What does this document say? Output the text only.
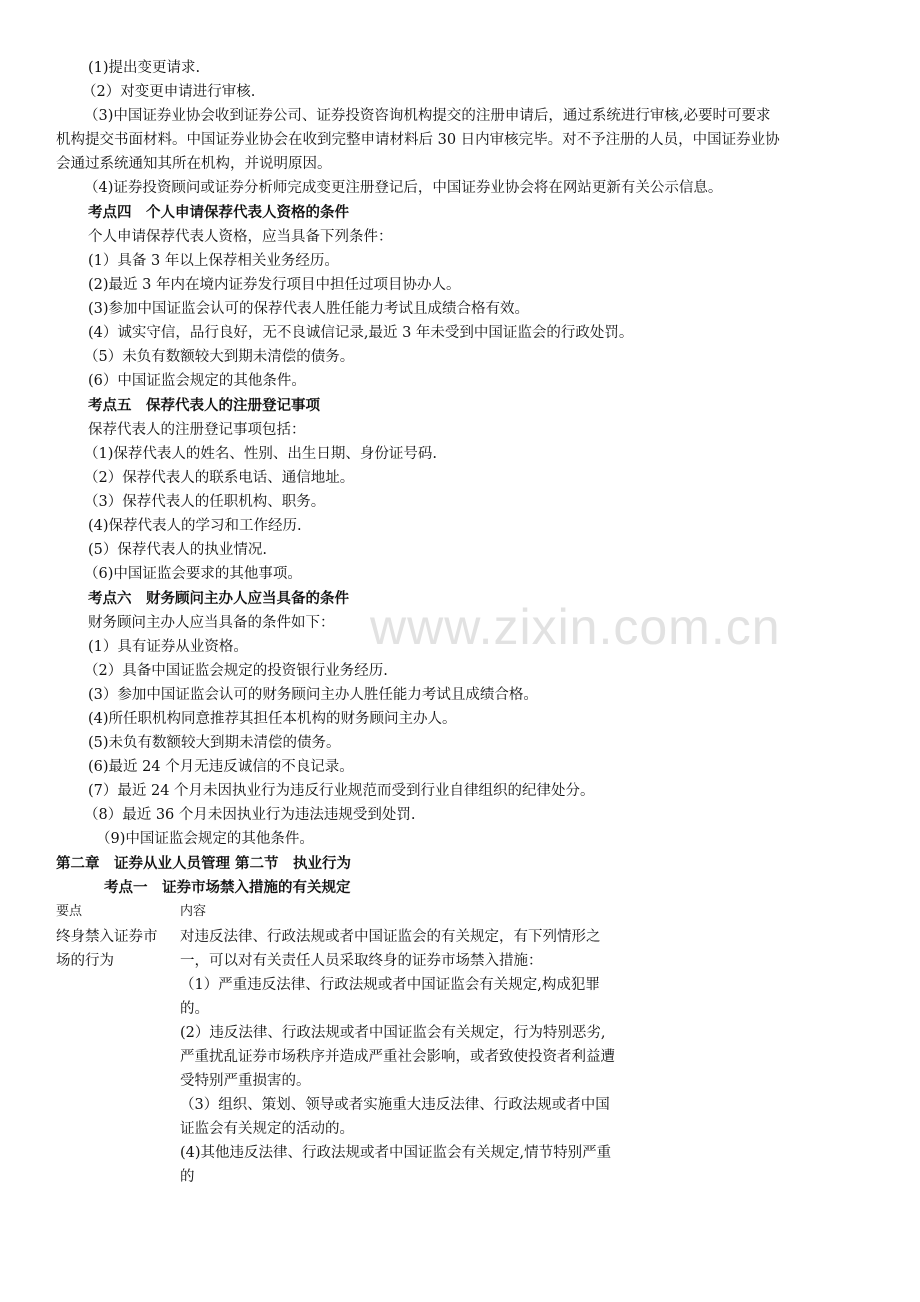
www.zixin.com.cn
(1)提出变更请求.
（2）对变更申请进行审核.
（3)中国证券业协会收到证券公司、证券投资咨询机构提交的注册申请后，通过系统进行审核,必要时可要求
机构提交书面材料。中国证券业协会在收到完整申请材料后 30 日内审核完毕。对不予注册的人员，中国证券业协
会通过系统通知其所在机构，并说明原因。
（4)证券投资顾问或证券分析师完成变更注册登记后，中国证券业协会将在网站更新有关公示信息。
考点四　个人申请保荐代表人资格的条件
个人申请保荐代表人资格，应当具备下列条件：
(1）具备 3 年以上保荐相关业务经历。
(2)最近 3 年内在境内证券发行项目中担任过项目协办人。
(3)参加中国证监会认可的保荐代表人胜任能力考试且成绩合格有效。
(4）诚实守信，品行良好，无不良诚信记录,最近 3 年未受到中国证监会的行政处罚。
（5）未负有数额较大到期未清偿的债务。
(6）中国证监会规定的其他条件。
考点五　保荐代表人的注册登记事项
保荐代表人的注册登记事项包括：
（1)保荐代表人的姓名、性别、出生日期、身份证号码.
（2）保荐代表人的联系电话、通信地址。
（3）保荐代表人的任职机构、职务。
(4)保荐代表人的学习和工作经历.
(5）保荐代表人的执业情况.
（6)中国证监会要求的其他事项。
考点六　财务顾问主办人应当具备的条件
财务顾问主办人应当具备的条件如下：
(1）具有证券从业资格。
（2）具备中国证监会规定的投资银行业务经历.
(3）参加中国证监会认可的财务顾问主办人胜任能力考试且成绩合格。
(4)所任职机构同意推荐其担任本机构的财务顾问主办人。
(5)未负有数额较大到期未清偿的债务。
(6)最近 24 个月无违反诚信的不良记录。
(7）最近 24 个月未因执业行为违反行业规范而受到行业自律组织的纪律处分。
（8）最近 36 个月未因执业行为违法违规受到处罚.
（9)中国证监会规定的其他条件。
第二章　证券从业人员管理 第二节　执业行为
考点一　证券市场禁入措施的有关规定
要点	内容
终身禁入证券市
场的行为
对违反法律、行政法规或者中国证监会的有关规定，有下列情形之
一，可以对有关责任人员采取终身的证券市场禁入措施：
（1）严重违反法律、行政法规或者中国证监会有关规定,构成犯罪
的。
(2）违反法律、行政法规或者中国证监会有关规定，行为特别恶劣,
严重扰乱证券市场秩序并造成严重社会影响，或者致使投资者利益遭
受特别严重损害的。
（3）组织、策划、领导或者实施重大违反法律、行政法规或者中国
证监会有关规定的活动的。
(4)其他违反法律、行政法规或者中国证监会有关规定,情节特别严重
的
